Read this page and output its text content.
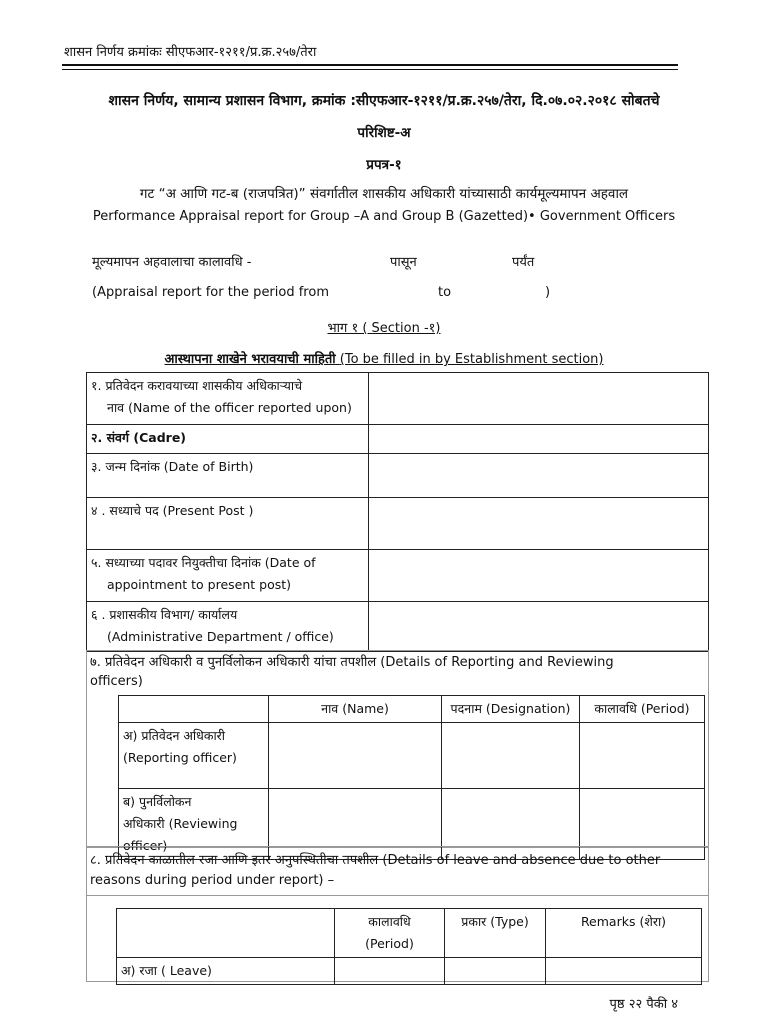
शासन निर्णय क्रमांकः सीएफआर-१२११/प्र.क्र.२५७/तेरा
शासन निर्णय, सामान्य प्रशासन विभाग, क्रमांक :सीएफआर-१२११/प्र.क्र.२५७/तेरा, दि.०७.०२.२०१८ सोबतचे
परिशिष्ट-अ
प्रपत्र-१
गट “अ आणि गट-ब (राजपत्रित)” संवर्गातील शासकीय अधिकारी यांच्यासाठी कार्यमूल्यमापन अहवाल
Performance Appraisal report for Group –A and Group B (Gazetted)• Government Officers
मूल्यमापन अहवालाचा कालावधि -	पासून	पर्यंत
(Appraisal report for the period from	to	)
भाग १ ( Section -१)
आस्थापना शाखेने भरावयाची माहिती (To be filled in by Establishment section)
१. प्रतिवेदन करावयाच्या शासकीय अधिकाऱ्याचे
नाव (Name of the officer reported upon)	

२. संवर्ग (Cadre)	
३. जन्म दिनांक (Date of Birth)	
४ . सध्याचे पद (Present Post )	
५. सध्याच्या पदावर नियुक्तीचा दिनांक (Date of
appointment to present post)	

६ . प्रशासकीय विभाग/ कार्यालय
(Administrative Department / office)	

७. प्रतिवेदन अधिकारी व पुनर्विलोकन अधिकारी यांचा तपशील (Details of Reporting and Reviewing
officers)
	नाव (Name)	पदनाम (Designation)	कालावधि (Period)
अ) प्रतिवेदन अधिकारी
(Reporting officer)			
ब) पुनर्विलोकन
अधिकारी (Reviewing
officer)			
८. प्रतिवेदन काळातील रजा आणि इतर अनुपस्थितीचा तपशील (Details of leave and absence due to other
reasons during period under report) –
	कालावधि
(Period)	प्रकार (Type)	Remarks (शेरा)
अ) रजा ( Leave)			
पृष्ठ २२ पैकी ४
